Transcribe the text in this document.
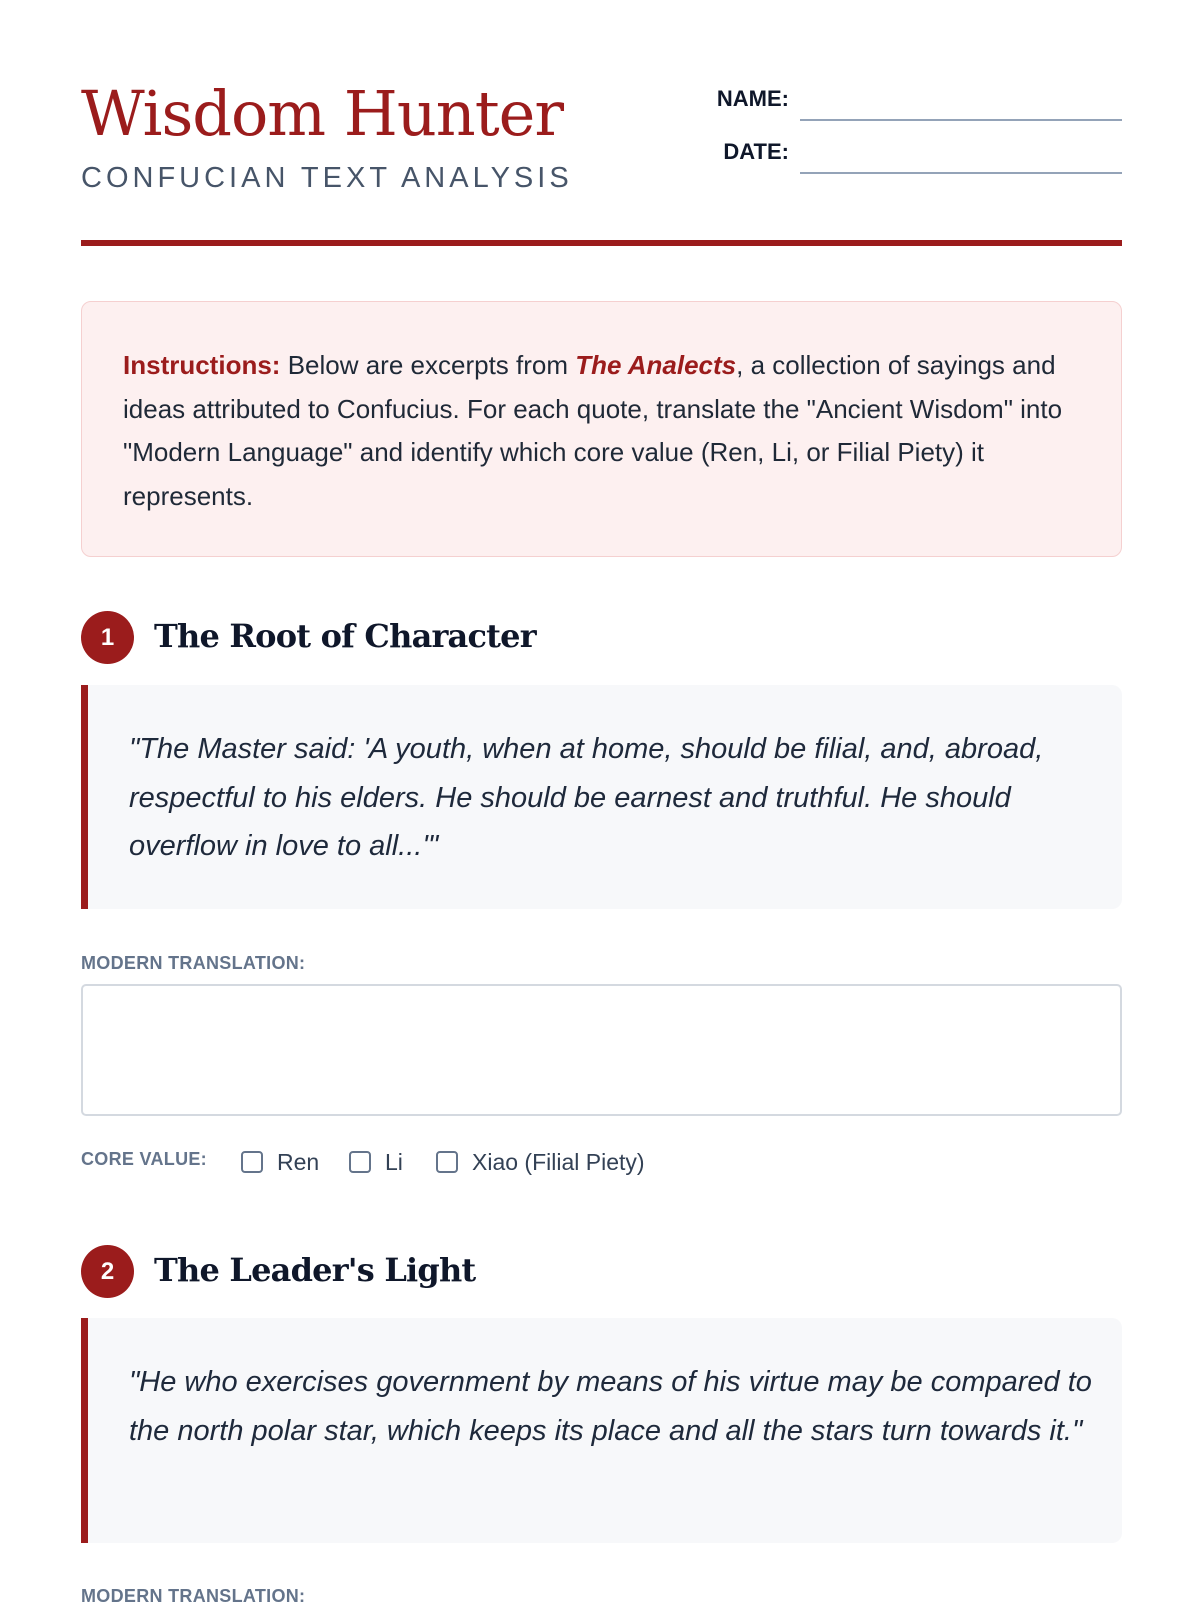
Wisdom Hunter
CONFUCIAN TEXT ANALYSIS
NAME:
DATE:
Instructions: Below are excerpts from The Analects, a collection of sayings and ideas attributed to Confucius. For each quote, translate the "Ancient Wisdom" into "Modern Language" and identify which core value (Ren, Li, or Filial Piety) it represents.
1	The Root of Character
"The Master said: 'A youth, when at home, should be filial, and, abroad, respectful to his elders. He should be earnest and truthful. He should overflow in love to all...'"
MODERN TRANSLATION:
CORE VALUE:	Ren	Li	Xiao (Filial Piety)
2	The Leader's Light
"He who exercises government by means of his virtue may be compared to the north polar star, which keeps its place and all the stars turn towards it."
MODERN TRANSLATION:
